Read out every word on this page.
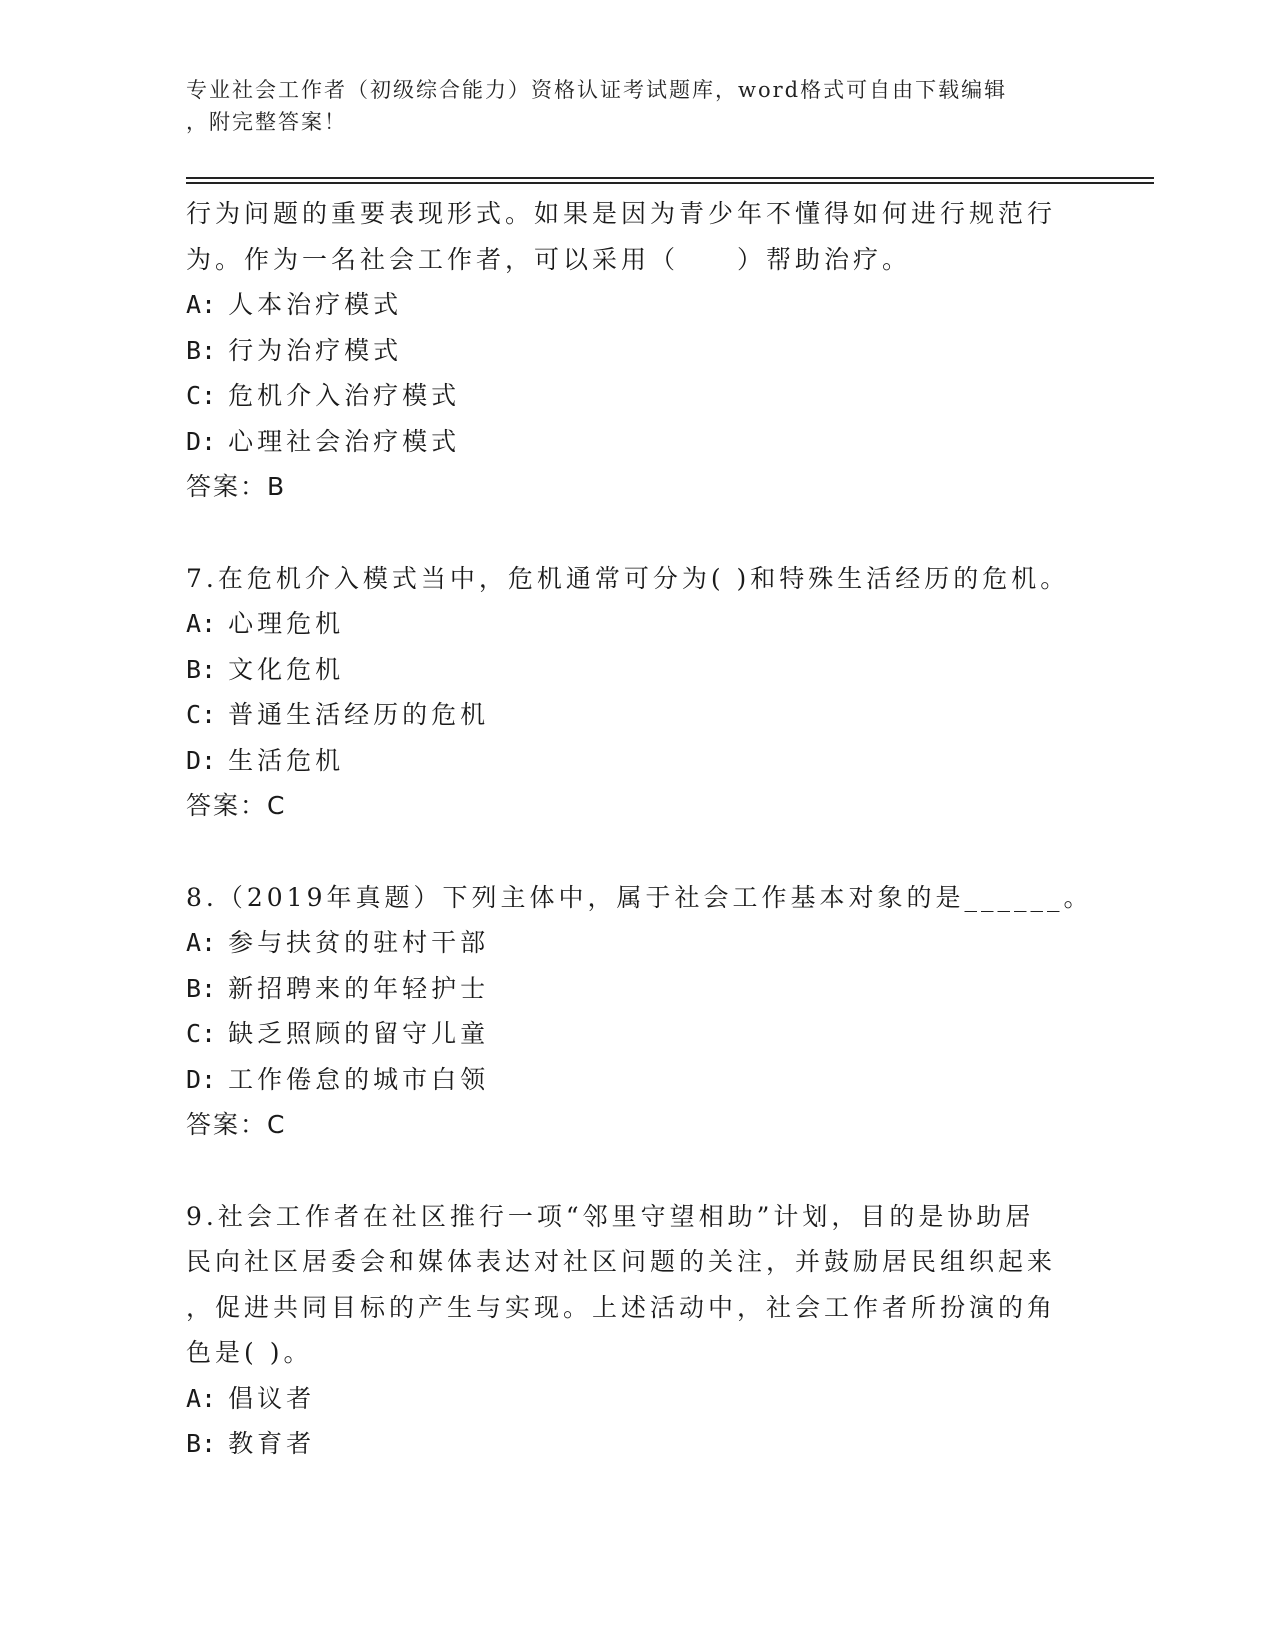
专业社会工作者（初级综合能力）资格认证考试题库，word格式可自由下载编辑
，附完整答案！
行为问题的重要表现形式。如果是因为青少年不懂得如何进行规范行
为。作为一名社会工作者，可以采用（　　）帮助治疗。
A: 人本治疗模式
B: 行为治疗模式
C: 危机介入治疗模式
D: 心理社会治疗模式
答案：B
7.在危机介入模式当中，危机通常可分为( )和特殊生活经历的危机。
A: 心理危机
B: 文化危机
C: 普通生活经历的危机
D: 生活危机
答案：C
8.（2019年真题）下列主体中，属于社会工作基本对象的是______。
A: 参与扶贫的驻村干部
B: 新招聘来的年轻护士
C: 缺乏照顾的留守儿童
D: 工作倦怠的城市白领
答案：C
9.社会工作者在社区推行一项“邻里守望相助”计划，目的是协助居
民向社区居委会和媒体表达对社区问题的关注，并鼓励居民组织起来
，促进共同目标的产生与实现。上述活动中，社会工作者所扮演的角
色是( )。
A: 倡议者
B: 教育者
